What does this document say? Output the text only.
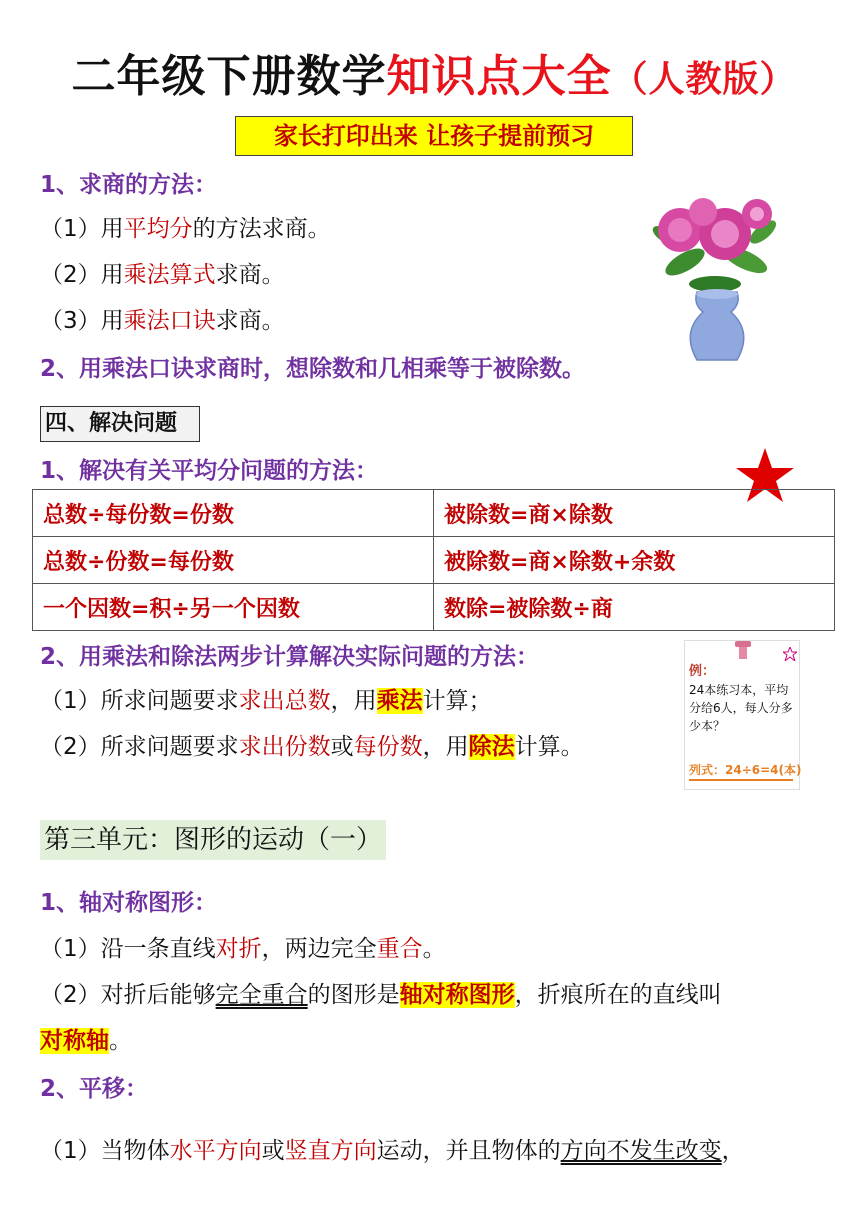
二年级下册数学知识点大全（人教版）
家长打印出来 让孩子提前预习
1、求商的方法：
（1）用平均分的方法求商。
（2）用乘法算式求商。
（3）用乘法口诀求商。
2、用乘法口诀求商时，想除数和几相乘等于被除数。
四、解决问题
1、解决有关平均分问题的方法：
总数÷每份数=份数	被除数=商×除数
总数÷份数=每份数	被除数=商×除数+余数
一个因数=积÷另一个因数	数除=被除数÷商
2、用乘法和除法两步计算解决实际问题的方法：
（1）所求问题要求求出总数，用乘法计算；
（2）所求问题要求求出份数或每份数，用除法计算。
例：
24本练习本，平均分给6人，每人分多少本？
列式：24÷6=4(本)
第三单元：图形的运动（一）
1、轴对称图形：
（1）沿一条直线对折，两边完全重合。
（2）对折后能够完全重合的图形是轴对称图形，折痕所在的直线叫
对称轴。
2、平移：
（1）当物体水平方向或竖直方向运动，并且物体的方向不发生改变，
